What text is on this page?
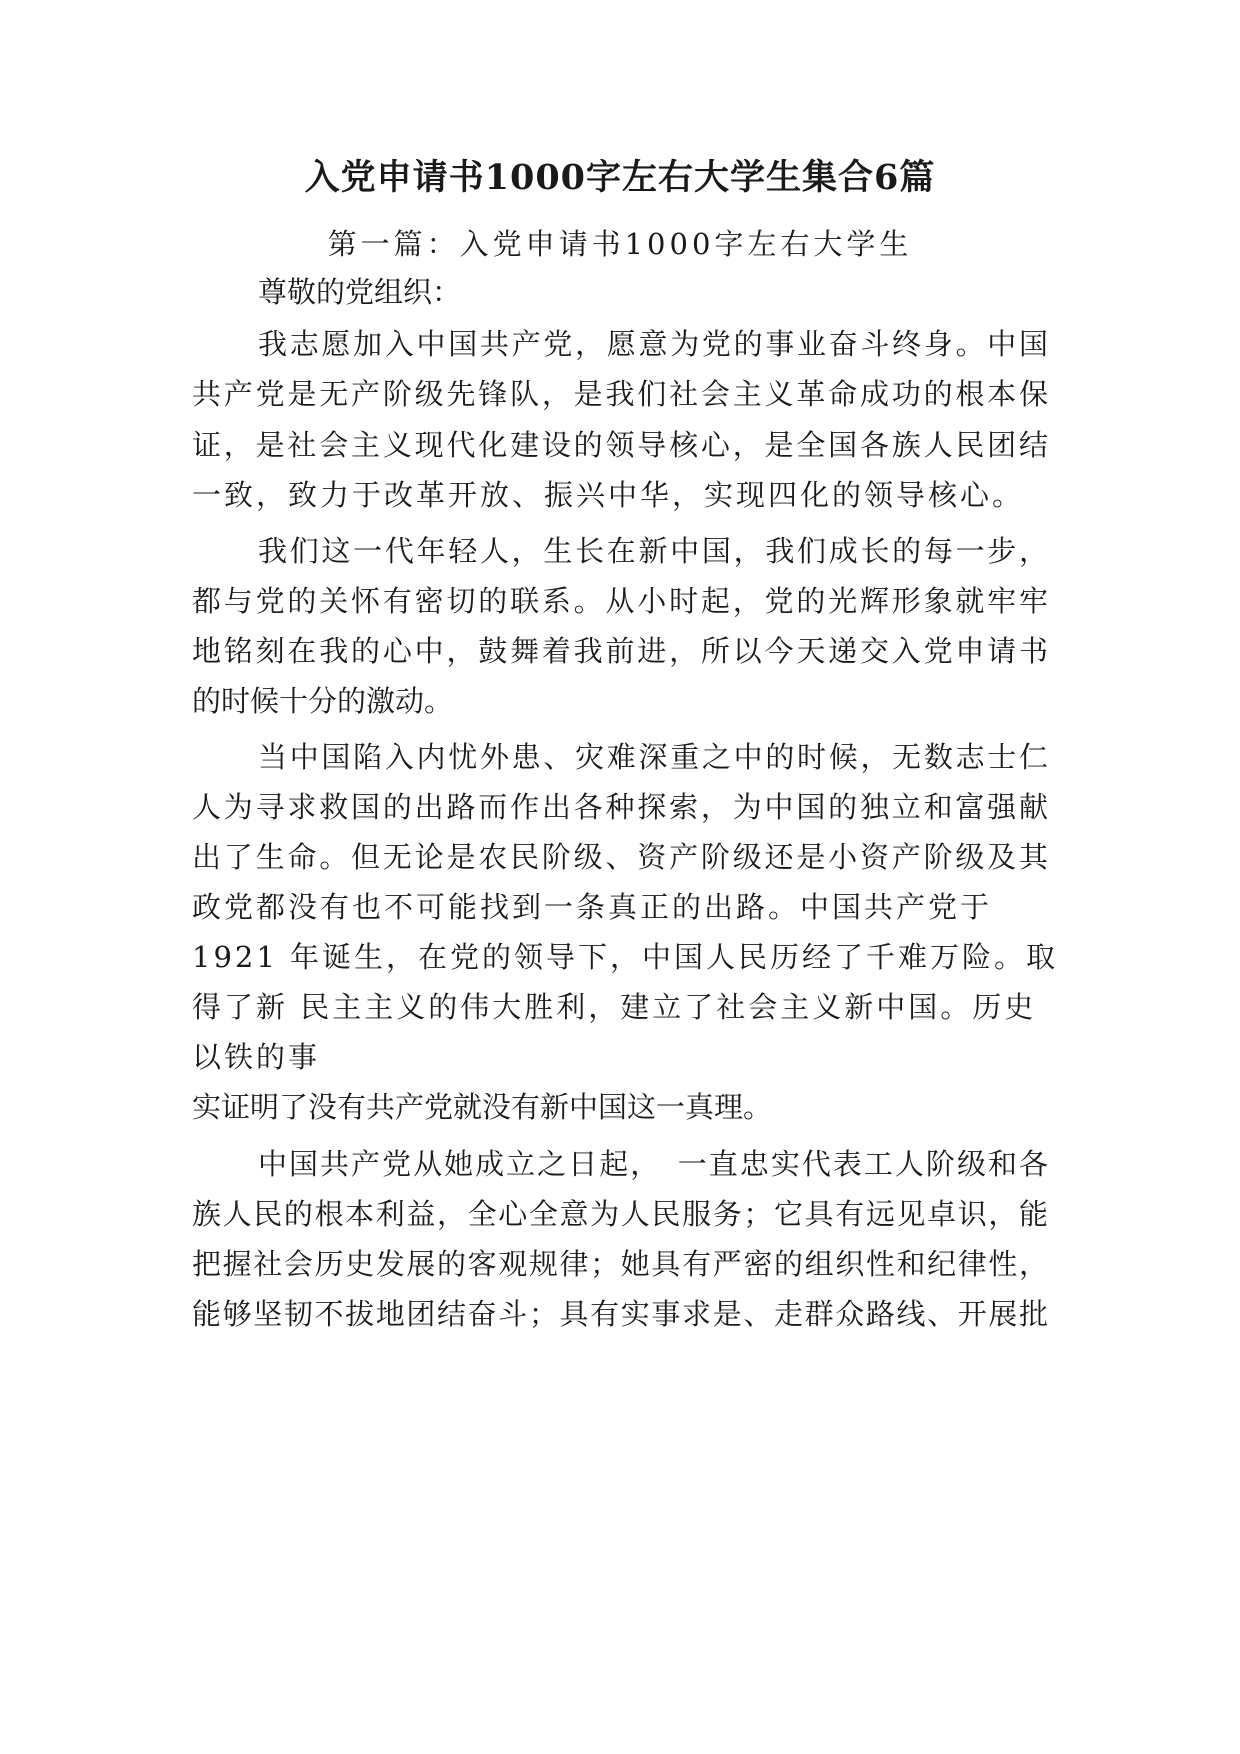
入党申请书1000字左右大学生集合6篇
第一篇：入党申请书1000字左右大学生
尊敬的党组织：
我志愿加入中国共产党，愿意为党的事业奋斗终身。中国
共产党是无产阶级先锋队，是我们社会主义革命成功的根本保
证，是社会主义现代化建设的领导核心，是全国各族人民团结
一致，致力于改革开放、振兴中华，实现四化的领导核心。
我们这一代年轻人，生长在新中国，我们成长的每一步，
都与党的关怀有密切的联系。从小时起，党的光辉形象就牢牢
地铭刻在我的心中，鼓舞着我前进，所以今天递交入党申请书
的时候十分的激动。
当中国陷入内忧外患、灾难深重之中的时候，无数志士仁
人为寻求救国的出路而作出各种探索，为中国的独立和富强献
出了生命。但无论是农民阶级、资产阶级还是小资产阶级及其
政党都没有也不可能找到一条真正的出路。中国共产党于
1921 年诞生，在党的领导下，中国人民历经了千难万险。取
得了新 民主主义的伟大胜利，建立了社会主义新中国。历史
以铁的事
实证明了没有共产党就没有新中国这一真理。
中国共产党从她成立之日起，　一直忠实代表工人阶级和各
族人民的根本利益，全心全意为人民服务；它具有远见卓识，能
把握社会历史发展的客观规律；她具有严密的组织性和纪律性，
能够坚韧不拔地团结奋斗；具有实事求是、走群众路线、开展批
